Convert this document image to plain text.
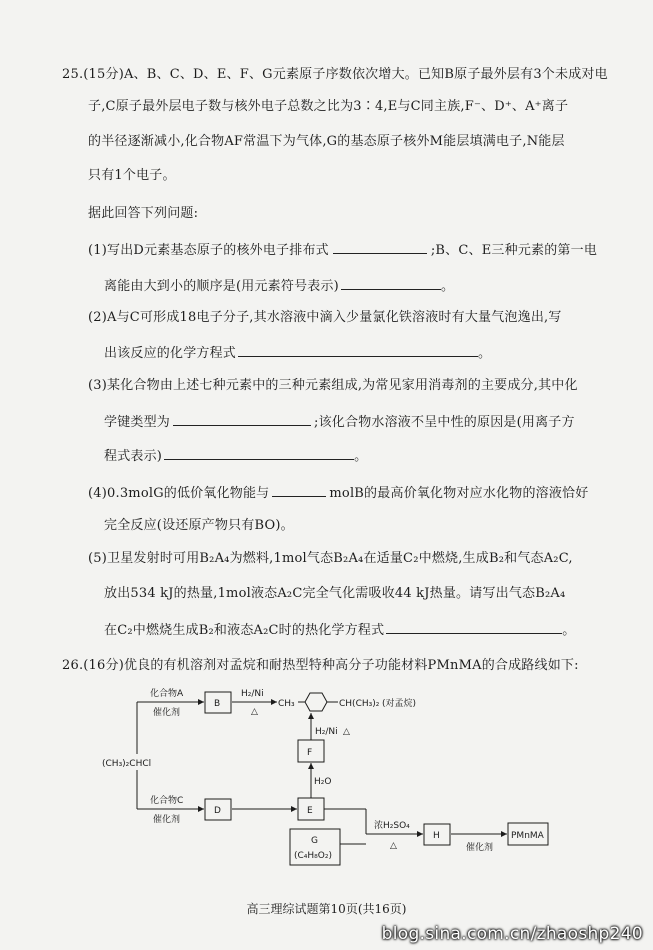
25.(15分)A、B、C、D、E、F、G元素原子序数依次增大。已知B原子最外层有3个未成对电
子,C原子最外层电子数与核外电子总数之比为3∶4,E与C同主族,F⁻、D⁺、A⁺离子
的半径逐渐减小,化合物AF常温下为气体,G的基态原子核外M能层填满电子,N能层
只有1个电子。
据此回答下列问题:
(1)写出D元素基态原子的核外电子排布式	;B、C、E三种元素的第一电
离能由大到小的顺序是(用元素符号表示)	。
(2)A与C可形成18电子分子,其水溶液中滴入少量氯化铁溶液时有大量气泡逸出,写
出该反应的化学方程式	。
(3)某化合物由上述七种元素中的三种元素组成,为常见家用消毒剂的主要成分,其中化
学键类型为	;该化合物水溶液不呈中性的原因是(用离子方
程式表示)	。
(4)0.3molG的低价氧化物能与	molB的最高价氧化物对应水化物的溶液恰好
完全反应(设还原产物只有BO)。
(5)卫星发射时可用B₂A₄为燃料,1mol气态B₂A₄在适量C₂中燃烧,生成B₂和气态A₂C,
放出534 kJ的热量,1mol液态A₂C完全气化需吸收44 kJ热量。请写出气态B₂A₄
在C₂中燃烧生成B₂和液态A₂C时的热化学方程式	。
26.(16分)优良的有机溶剂对孟烷和耐热型特种高分子功能材料PMnMA的合成路线如下:
(CH₃)₂CHCl
化合物A
催化剂
化合物C
催化剂
B
D
H₂/Ni
△
CH₃	CH(CH₃)₂ (对孟烷)
H₂/Ni △
F
H₂O
E
G
(C₄H₈O₂)
浓H₂SO₄
△
H
催化剂
PMnMA
高三理综试题第10页(共16页)
blog.sina.com.cn/zhaoshp240
